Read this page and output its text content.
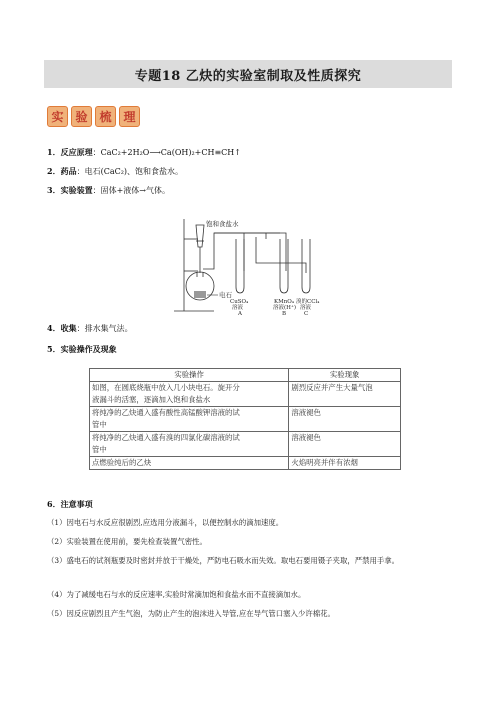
专题18 乙炔的实验室制取及性质探究
实 验 梳 理
1．反应原理：CaC₂+2H₂O⟶Ca(OH)₂+CH≡CH↑
2．药品：电石(CaC₂)、饱和食盐水。
3．实验装置：固体+液体→气体。
饱和食盐水
电石
CuSO₄
溶液
A
KMnO₄
溶液(H⁺)
B
溴的CCl₄
溶液
C
4．收集：排水集气法。
5．实验操作及现象
实验操作	实验现象

如图，在圆底烧瓶中放入几小块电石。旋开分
液漏斗的活塞，逐滴加入饱和食盐水	剧烈反应并产生大量气泡

将纯净的乙炔通入盛有酸性高锰酸钾溶液的试
管中	溶液褪色

将纯净的乙炔通入盛有溴的四氯化碳溶液的试
管中	溶液褪色
点燃验纯后的乙炔	火焰明亮并伴有浓烟
6．注意事项
（1）因电石与水反应很剧烈,应选用分液漏斗，以便控制水的滴加速度。
（2）实验装置在使用前，要先检查装置气密性。
（3）盛电石的试剂瓶要及时密封并放于干燥处，严防电石吸水而失效。取电石要用镊子夹取，严禁用手拿。
（4）为了减缓电石与水的反应速率,实验时常滴加饱和食盐水而不直接滴加水。
（5）因反应剧烈且产生气泡，为防止产生的泡沫进入导管,应在导气管口塞入少许棉花。
